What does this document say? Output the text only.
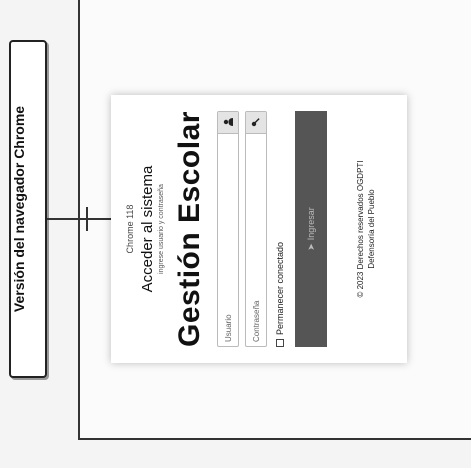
Versión del navegador Chrome	Chrome 118 Acceder al sistema ingrese usuario y contraseña Gestión Escolar
Usuario	Permanecer conectado ➤
Ingresar	© 2023 Derechos reservados OGDPTI Defensoría del Pueblo
